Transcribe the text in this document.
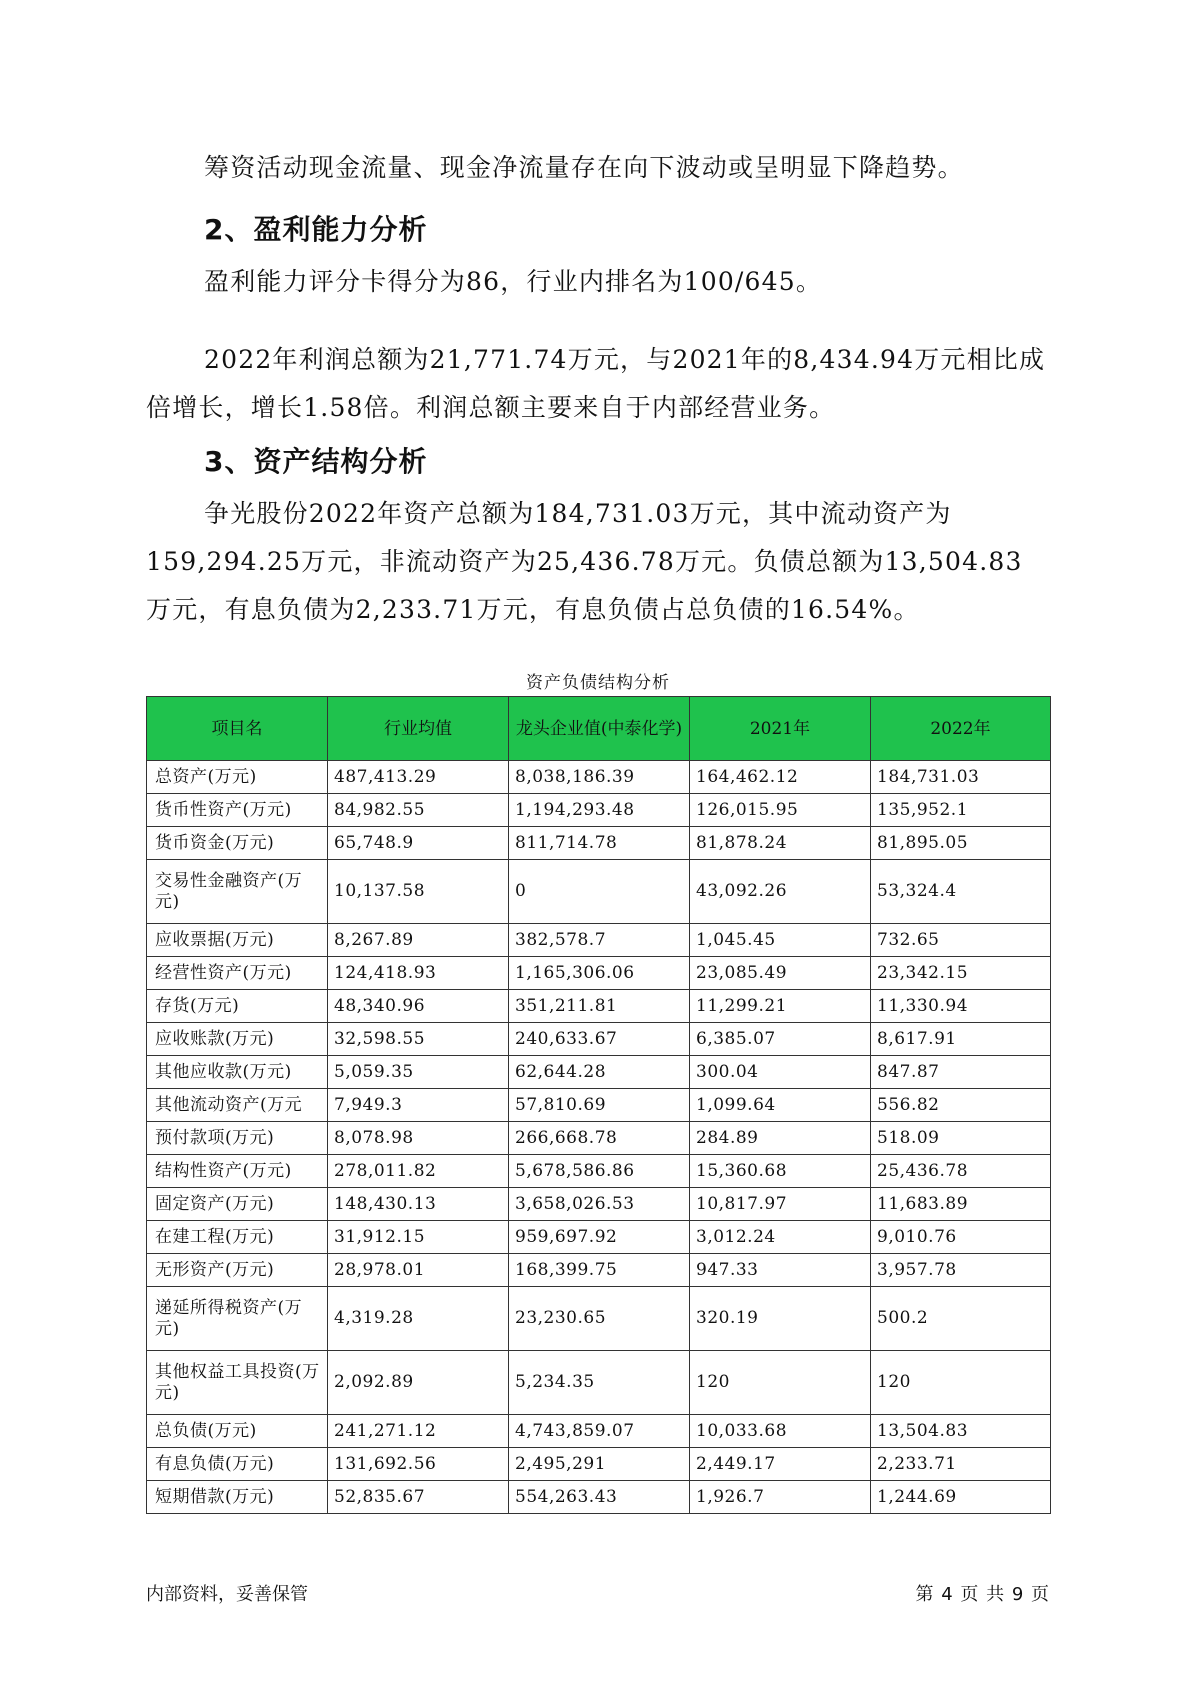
筹资活动现金流量、现金净流量存在向下波动或呈明显下降趋势。
2、盈利能力分析
盈利能力评分卡得分为86，行业内排名为100/645。
2022年利润总额为21,771.74万元，与2021年的8,434.94万元相比成倍增长，增长1.58倍。利润总额主要来自于内部经营业务。
3、资产结构分析
争光股份2022年资产总额为184,731.03万元，其中流动资产为159,294.25万元，非流动资产为25,436.78万元。负债总额为13,504.83万元，有息负债为2,233.71万元，有息负债占总负债的16.54%。
资产负债结构分析
项目名	行业均值	龙头企业值(中泰化学)	2021年	2022年
总资产(万元)	487,413.29	8,038,186.39	164,462.12	184,731.03
货币性资产(万元)	84,982.55	1,194,293.48	126,015.95	135,952.1
货币资金(万元)	65,748.9	811,714.78	81,878.24	81,895.05
交易性金融资产(万元)	10,137.58	0	43,092.26	53,324.4
应收票据(万元)	8,267.89	382,578.7	1,045.45	732.65
经营性资产(万元)	124,418.93	1,165,306.06	23,085.49	23,342.15
存货(万元)	48,340.96	351,211.81	11,299.21	11,330.94
应收账款(万元)	32,598.55	240,633.67	6,385.07	8,617.91
其他应收款(万元)	5,059.35	62,644.28	300.04	847.87
其他流动资产(万元	7,949.3	57,810.69	1,099.64	556.82
预付款项(万元)	8,078.98	266,668.78	284.89	518.09
结构性资产(万元)	278,011.82	5,678,586.86	15,360.68	25,436.78
固定资产(万元)	148,430.13	3,658,026.53	10,817.97	11,683.89
在建工程(万元)	31,912.15	959,697.92	3,012.24	9,010.76
无形资产(万元)	28,978.01	168,399.75	947.33	3,957.78
递延所得税资产(万元)	4,319.28	23,230.65	320.19	500.2
其他权益工具投资(万元)	2,092.89	5,234.35	120	120
总负债(万元)	241,271.12	4,743,859.07	10,033.68	13,504.83
有息负债(万元)	131,692.56	2,495,291	2,449.17	2,233.71
短期借款(万元)	52,835.67	554,263.43	1,926.7	1,244.69
内部资料，妥善保管	第 4 页 共 9 页
